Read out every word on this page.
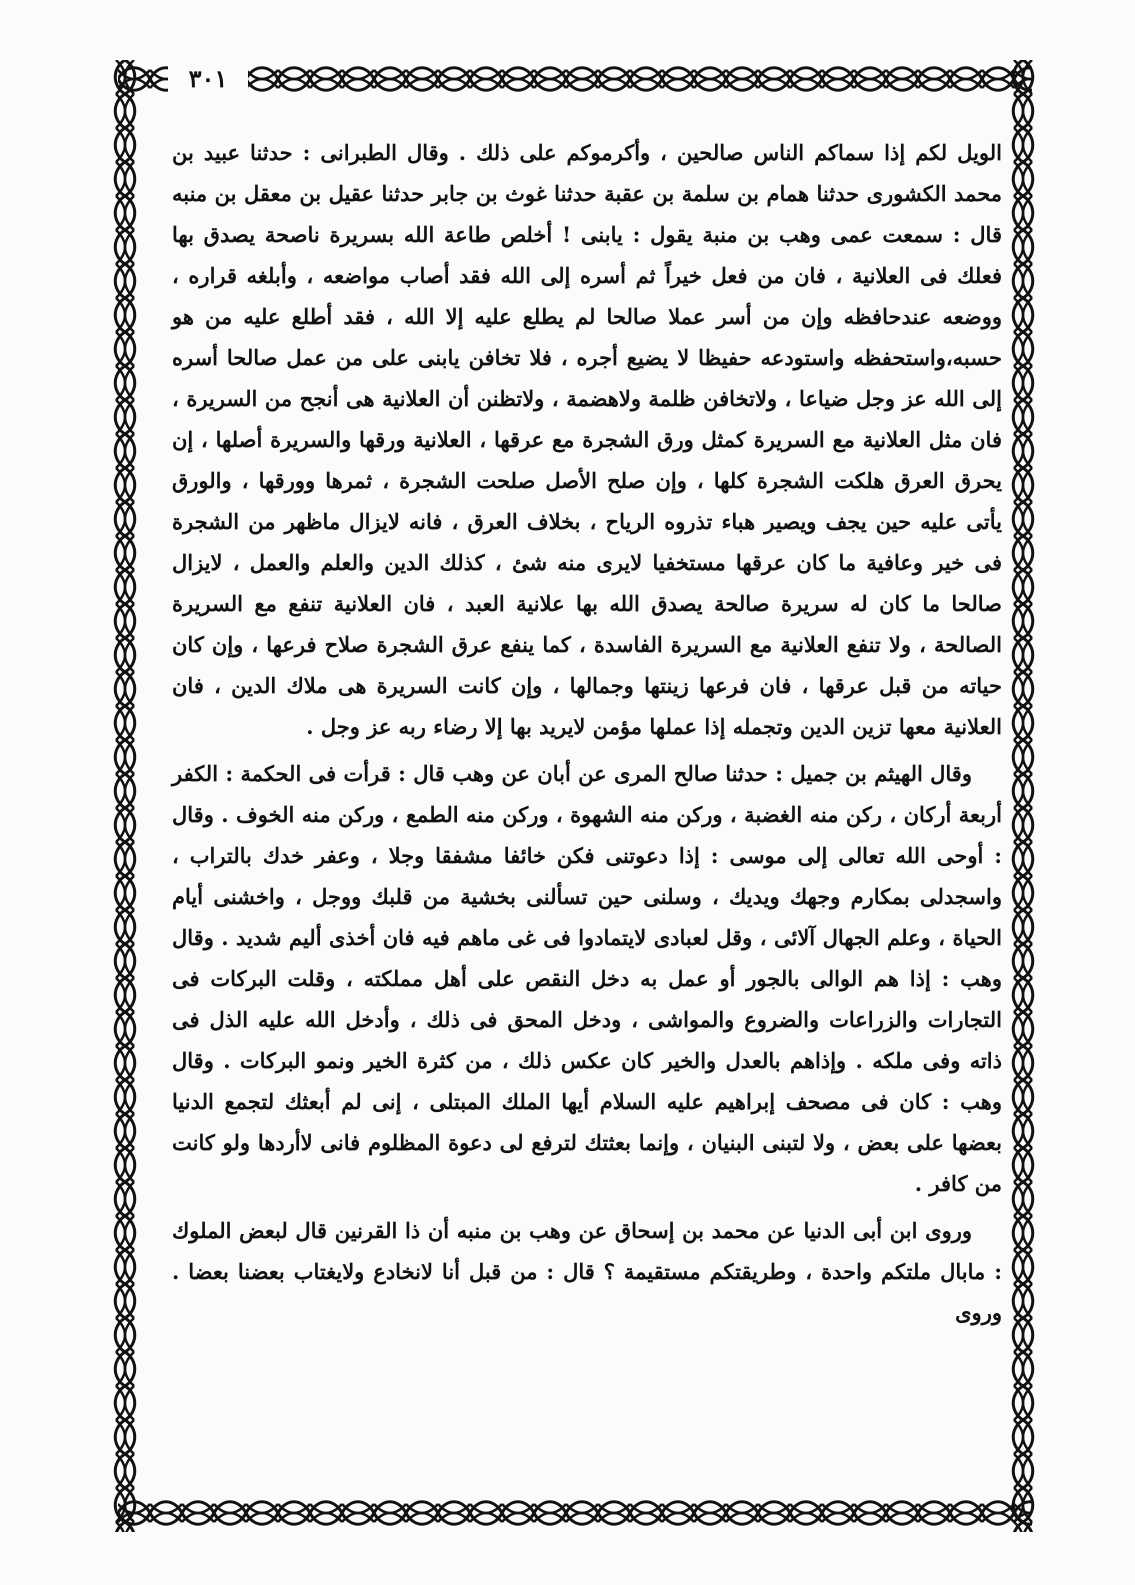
٣٠١

الويل لكم إذا سماكم الناس صالحين ، وأكرموكم على ذلك . وقال الطبرانى : حدثنا عبيد بن محمد الكشورى حدثنا همام بن سلمة بن عقبة حدثنا غوث بن جابر حدثنا عقيل بن معقل بن منبه قال : سمعت عمى وهب بن منبة يقول : يابنى ! أخلص طاعة الله بسريرة ناصحة يصدق بها فعلك فى العلانية ، فان من فعل خيراً ثم أسره إلى الله فقد أصاب مواضعه ، وأبلغه قراره ، ووضعه عندحافظه وإن من أسر عملا صالحا لم يطلع عليه إلا الله ، فقد أطلع عليه من هو حسبه،واستحفظه واستودعه حفيظا لا يضيع أجره ، فلا تخافن يابنى على من عمل صالحا أسره إلى الله عز وجل ضياعا ، ولاتخافن ظلمة ولاهضمة ، ولاتظنن أن العلانية هى أنجح من السريرة ، فان مثل العلانية مع السريرة كمثل ورق الشجرة مع عرقها ، العلانية ورقها والسريرة أصلها ، إن يحرق العرق هلكت الشجرة كلها ، وإن صلح الأصل صلحت الشجرة ، ثمرها وورقها ، والورق يأتى عليه حين يجف ويصير هباء تذروه الرياح ، بخلاف العرق ، فانه لايزال ماظهر من الشجرة فى خير وعافية ما كان عرقها مستخفيا لايرى منه شئ ، كذلك الدين والعلم والعمل ، لايزال صالحا ما كان له سريرة صالحة يصدق الله بها علانية العبد ، فان العلانية تنفع مع السريرة الصالحة ، ولا تنفع العلانية مع السريرة الفاسدة ، كما ينفع عرق الشجرة صلاح فرعها ، وإن كان حياته من قبل عرقها ، فان فرعها زينتها وجمالها ، وإن كانت السريرة هى ملاك الدين ، فان العلانية معها تزين الدين وتجمله إذا عملها مؤمن لايريد بها إلا رضاء ربه عز وجل .

وقال الهيثم بن جميل : حدثنا صالح المرى عن أبان عن وهب قال : قرأت فى الحكمة : الكفر أربعة أركان ، ركن منه الغضبة ، وركن منه الشهوة ، وركن منه الطمع ، وركن منه الخوف . وقال : أوحى الله تعالى إلى موسى : إذا دعوتنى فكن خائفا مشفقا وجلا ، وعفر خدك بالتراب ، واسجدلى بمكارم وجهك ويديك ، وسلنى حين تسألنى بخشية من قلبك ووجل ، واخشنى أيام الحياة ، وعلم الجهال آلائى ، وقل لعبادى لايتمادوا فى غى ماهم فيه فان أخذى أليم شديد . وقال وهب : إذا هم الوالى بالجور أو عمل به دخل النقص على أهل مملكته ، وقلت البركات فى التجارات والزراعات والضروع والمواشى ، ودخل المحق فى ذلك ، وأدخل الله عليه الذل فى ذاته وفى ملكه . وإذاهم بالعدل والخير كان عكس ذلك ، من كثرة الخير ونمو البركات . وقال وهب : كان فى مصحف إبراهيم عليه السلام أيها الملك المبتلى ، إنى لم أبعثك لتجمع الدنيا بعضها على بعض ، ولا لتبنى البنيان ، وإنما بعثتك لترفع لى دعوة المظلوم فانى لاأردها ولو كانت من كافر .

وروى ابن أبى الدنيا عن محمد بن إسحاق عن وهب بن منبه أن ذا القرنين قال لبعض الملوك : مابال ملتكم واحدة ، وطريقتكم مستقيمة ؟ قال : من قبل أنا لانخادع ولايغتاب بعضنا بعضا . وروى
